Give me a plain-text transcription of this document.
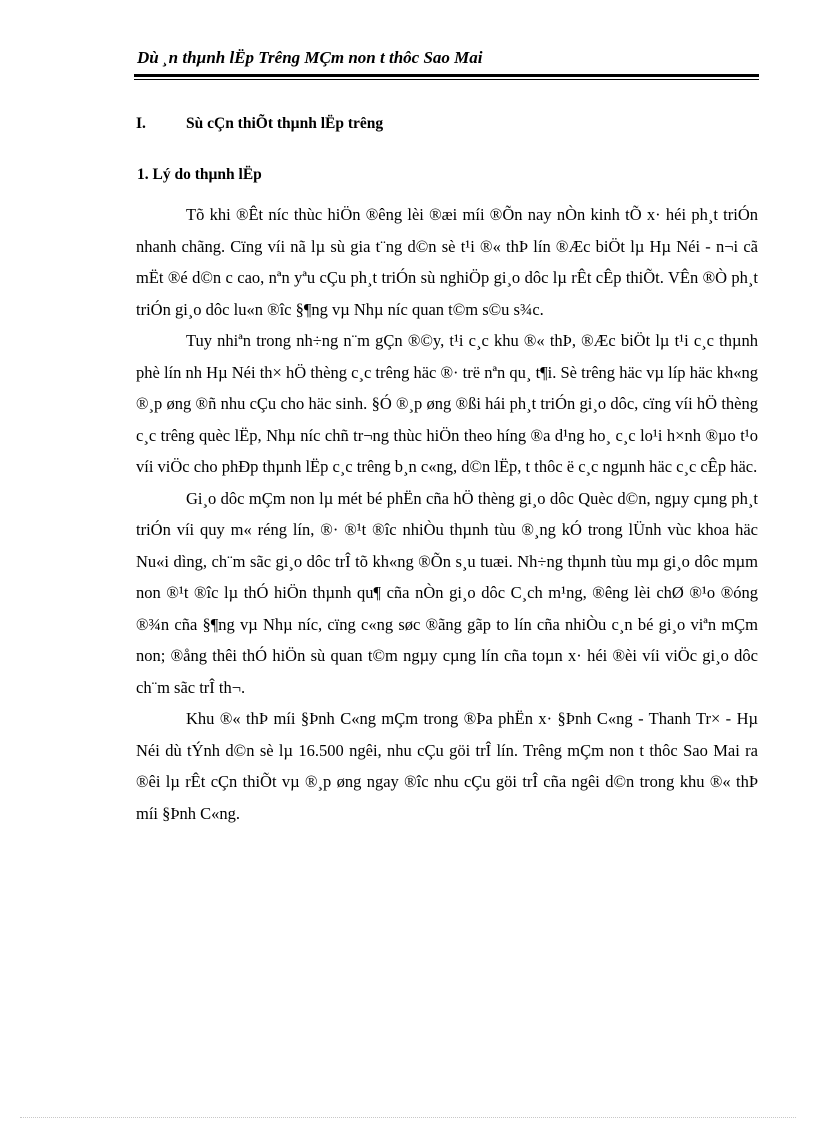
Dù ¸n thµnh lËp Trêng MÇm non t thôc Sao Mai
I.	Sù cÇn thiÕt thµnh lËp trêng
1. Lý do thµnh lËp

Tõ khi ®Êt níc thùc hiÖn ®êng lèi ®æi míi ®Õn nay nÒn kinh tÕ x· héi ph¸t triÓn nhanh chãng. Cïng víi nã lµ sù gia t¨ng d©n sè t¹i ®« thÞ lín ®Æc biÖt lµ Hµ Néi - n¬i cã mËt ®é d©n c cao, nªn yªu cÇu ph¸t triÓn sù nghiÖp gi¸o dôc lµ rÊt cÊp thiÕt. VÊn ®Ò ph¸t triÓn gi¸o dôc lu«n ®îc §¶ng vµ Nhµ níc quan t©m s©u s¾c.

Tuy nhiªn trong nh÷ng n¨m gÇn ®©y, t¹i c¸c khu ®« thÞ, ®Æc biÖt lµ t¹i c¸c thµnh phè lín nh Hµ Néi th× hÖ thèng c¸c trêng häc ®· trë nªn qu¸ t¶i. Sè trêng häc vµ líp häc kh«ng ®¸p øng ®ñ nhu cÇu cho häc sinh. §Ó ®¸p øng ®ßi hái ph¸t triÓn gi¸o dôc, cïng víi hÖ thèng c¸c trêng quèc lËp, Nhµ níc chñ tr¬ng thùc hiÖn theo híng ®a d¹ng ho¸ c¸c lo¹i h×nh ®µo t¹o víi viÖc cho phÐp thµnh lËp c¸c trêng b¸n c«ng, d©n lËp, t thôc ë c¸c ngµnh häc c¸c cÊp häc.

Gi¸o dôc mÇm non lµ mét bé phËn cña hÖ thèng gi¸o dôc Quèc d©n, ngµy cµng ph¸t triÓn víi quy m« réng lín, ®· ®¹t ®îc nhiÒu thµnh tùu ®¸ng kÓ trong lÜnh vùc khoa häc Nu«i dìng, ch¨m sãc gi¸o dôc trÎ tõ kh«ng ®Õn s¸u tuæi. Nh÷ng thµnh tùu mµ gi¸o dôc mµm non ®¹t ®îc lµ thÓ hiÖn thµnh qu¶ cña nÒn gi¸o dôc C¸ch m¹ng, ®êng lèi chØ ®¹o ®óng ®¾n cña §¶ng vµ Nhµ níc, cïng c«ng søc ®ãng gãp to lín cña nhiÒu c¸n bé gi¸o viªn mÇm non; ®ång thêi thÓ hiÖn sù quan t©m ngµy cµng lín cña toµn x· héi ®èi víi viÖc gi¸o dôc ch¨m sãc trÎ th¬.

Khu ®« thÞ míi §Þnh C«ng mÇm trong ®Þa phËn x· §Þnh C«ng - Thanh Tr× - Hµ Néi dù tÝnh d©n sè lµ 16.500 ngêi, nhu cÇu göi trÎ lín. Trêng mÇm non t thôc Sao Mai ra ®êi lµ rÊt cÇn thiÕt vµ ®¸p øng ngay ®îc nhu cÇu göi trÎ cña ngêi d©n trong khu ®« thÞ míi §Þnh C«ng.
